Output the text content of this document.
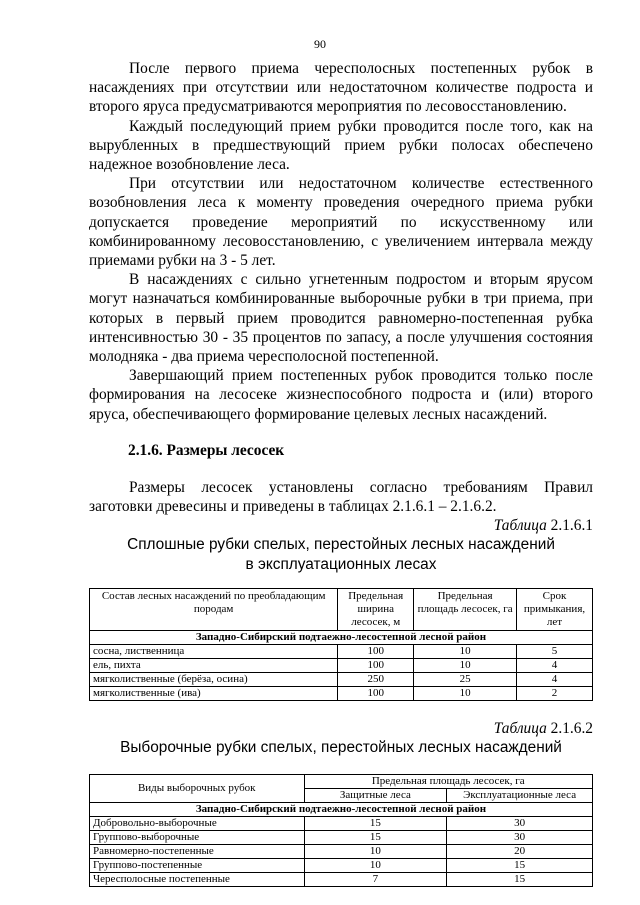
90

После первого приема чересполосных постепенных рубок в насаждениях при отсутствии или недостаточном количестве подроста и второго яруса предусматриваются мероприятия по лесовосстановлению.

Каждый последующий прием рубки проводится после того, как на вырубленных в предшествующий прием рубки полосах обеспечено надежное возобновление леса.

При отсутствии или недостаточном количестве естественного возобновления леса к моменту проведения очередного приема рубки допускается проведение мероприятий по искусственному или комбинированному лесовосстановлению, с увеличением интервала между приемами рубки на 3 - 5 лет.

В насаждениях с сильно угнетенным подростом и вторым ярусом могут назначаться комбинированные выборочные рубки в три приема, при которых в первый прием проводится равномерно-постепенная рубка интенсивностью 30 - 35 процентов по запасу, а после улучшения состояния молодняка - два приема чересполосной постепенной.

Завершающий прием постепенных рубок проводится только после формирования на лесосеке жизнеспособного подроста и (или) второго яруса, обеспечивающего формирование целевых лесных насаждений.

2.1.6. Размеры лесосек

Размеры лесосек установлены согласно требованиям Правил заготовки древесины и приведены в таблицах 2.1.6.1 – 2.1.6.2.

Таблица 2.1.6.1
Сплошные рубки спелых, перестойных лесных насаждений
в эксплуатационных лесах
Состав лесных насаждений по преобладающим породам	Предельная ширина лесосек, м	Предельная площадь лесосек, га	Срок примыкания, лет
Западно-Сибирский подтаежно-лесостепной лесной район			
сосна, лиственница	100	10	5
ель, пихта	100	10	4
мягколиственные (берёза, осина)	250	25	4
мягколиственные (ива)	100	10	2
Таблица 2.1.6.2
Выборочные рубки спелых, перестойных лесных насаждений
Виды выборочных рубок	Предельная площадь лесосек, га	
	Защитные леса	Эксплуатационные леса
Западно-Сибирский подтаежно-лесостепной лесной район		
Добровольно-выборочные	15	30
Группово-выборочные	15	30
Равномерно-постепенные	10	20
Группово-постепенные	10	15
Чересполосные постепенные	7	15
